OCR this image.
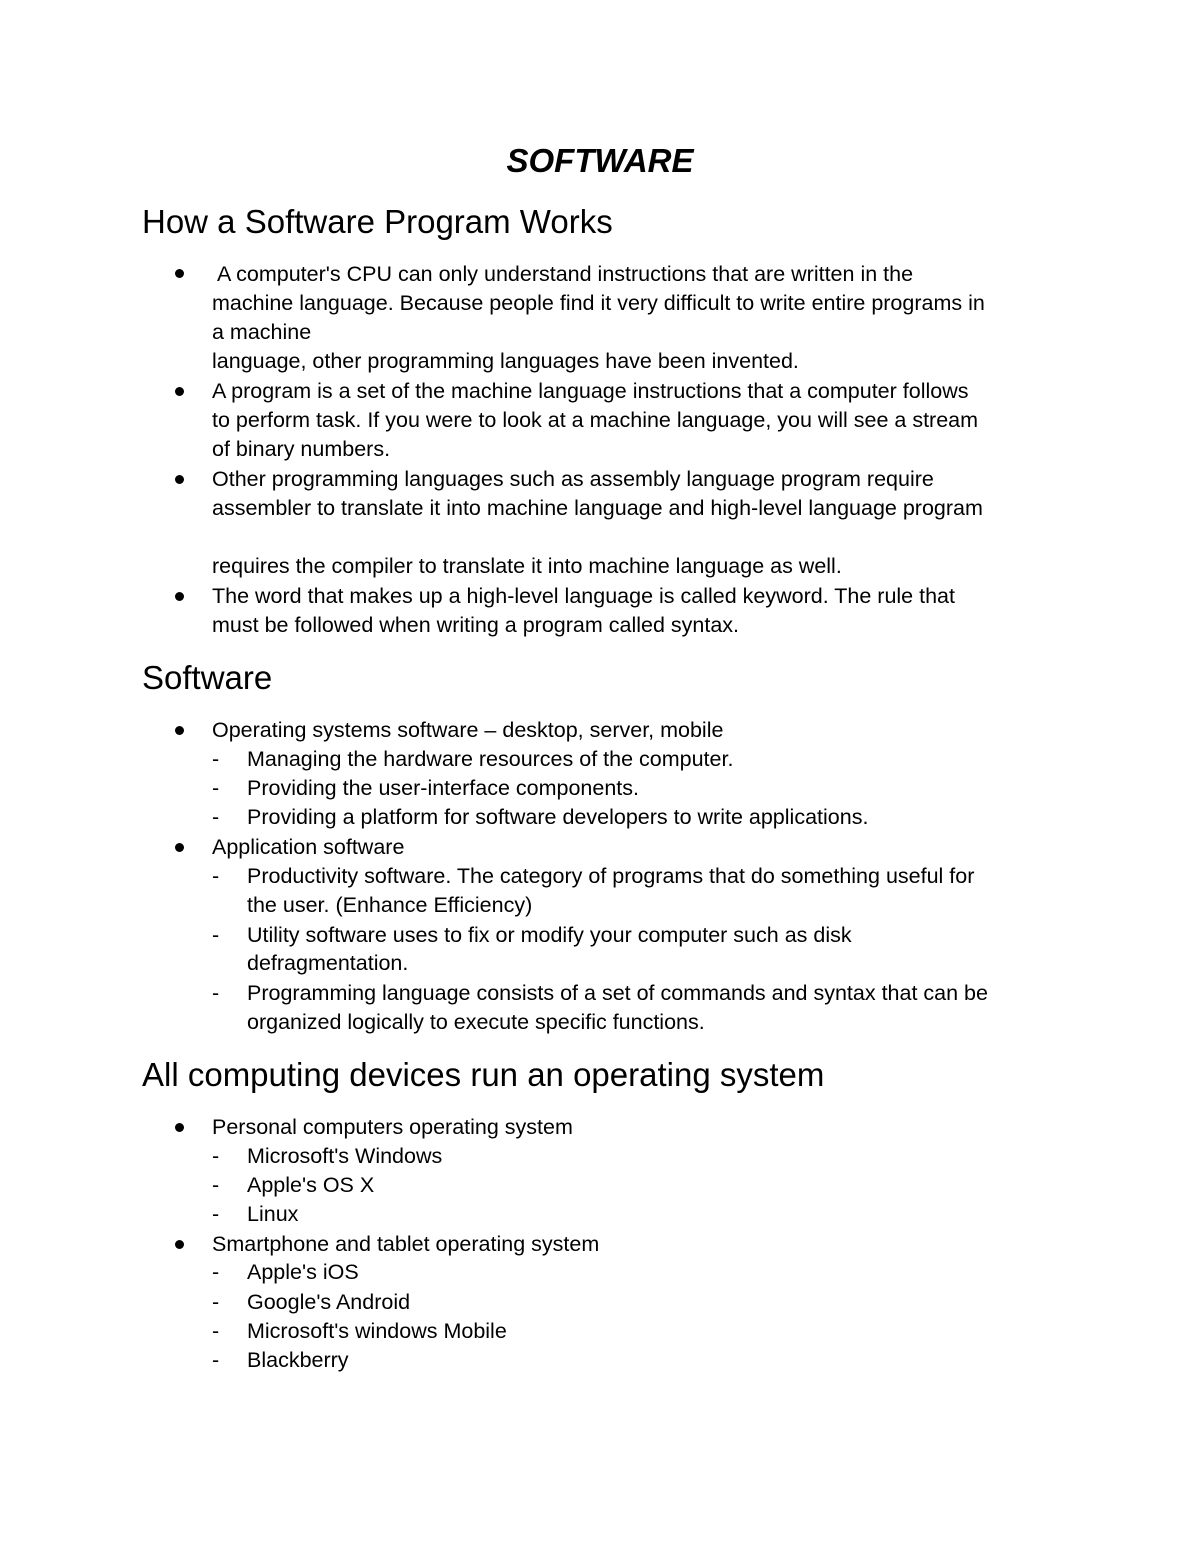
SOFTWARE
How a Software Program Works
A computer's CPU can only understand instructions that are written in the
machine language. Because people find it very difficult to write entire programs in
a machine
language, other programming languages have been invented.
A program is a set of the machine language instructions that a computer follows
to perform task. If you were to look at a machine language, you will see a stream
of binary numbers.
Other programming languages such as assembly language program require
assembler to translate it into machine language and high-level language program
requires the compiler to translate it into machine language as well.
The word that makes up a high-level language is called keyword. The rule that
must be followed when writing a program called syntax.
Software
Operating systems software – desktop, server, mobile
- Managing the hardware resources of the computer.
- Providing the user-interface components.
- Providing a platform for software developers to write applications.
Application software
- Productivity software. The category of programs that do something useful for
the user. (Enhance Efficiency)
- Utility software uses to fix or modify your computer such as disk
defragmentation.
- Programming language consists of a set of commands and syntax that can be
organized logically to execute specific functions.
All computing devices run an operating system
Personal computers operating system
- Microsoft's Windows
- Apple's OS X
- Linux
Smartphone and tablet operating system
- Apple's iOS
- Google's Android
- Microsoft's windows Mobile
- Blackberry
